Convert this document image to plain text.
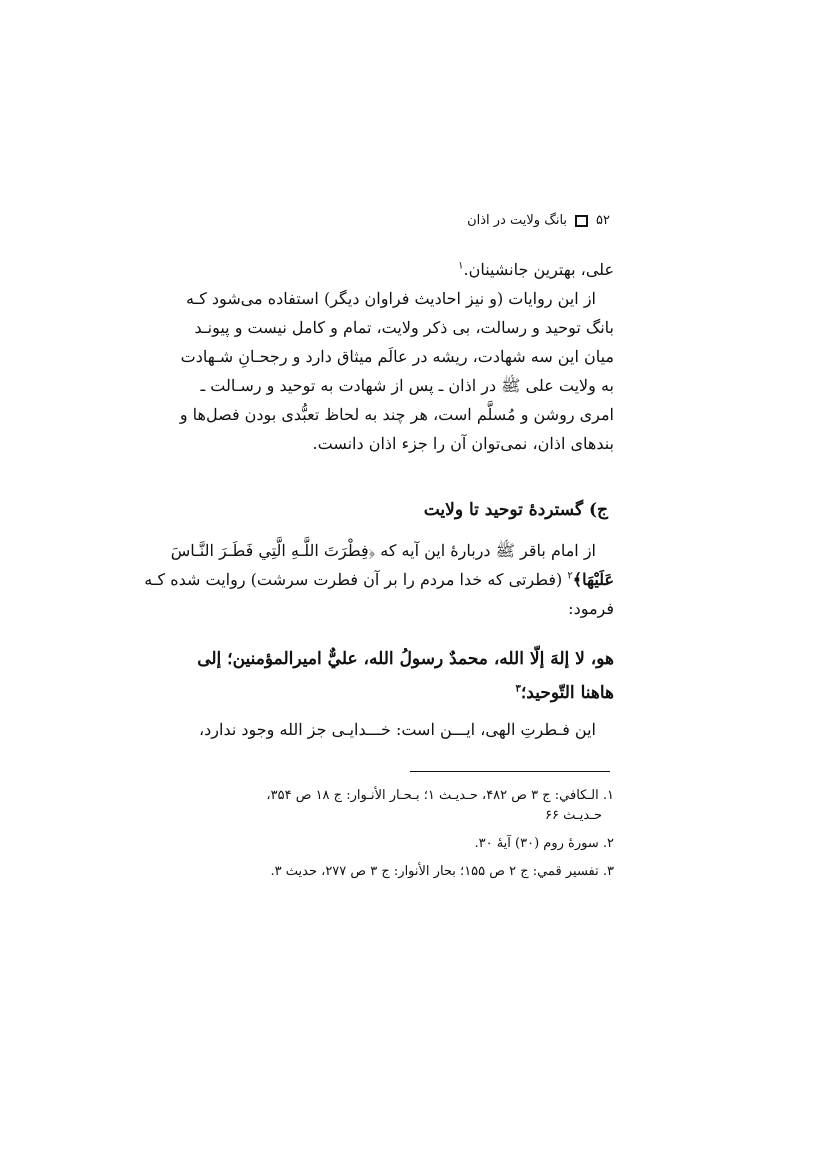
۵۲
بانگ ولایت در اذان
علی، بهترین جانشینان.$^۱$
از این روایات (و نیز احادیث فراوان دیگر) استفاده می‌شود کـه
بانگ توحید و رسالت، بی ذکر ولایت، تمام و کامل نیست و پیونـد
میان این سه شهادت، ریشه در عالَم میثاق دارد و رجحـانِ شـهادت
به ولایت علی ﷺ در اذان ـ پس از شهادت به توحید و رسـالت ـ
امری روشن و مُسلَّم است، هر چند به لحاظ تعبُّدی بودن فصل‌ها و
بندهای اذان، نمی‌توان آن را جزء اذان دانست.
ج) گستردهٔ توحید تا ولایت
از امام باقر ﷺ دربارهٔ این آیه که ﴿فِطْرَتَ اللَّـهِ الَّتِي فَطَـرَ النَّـاسَ
عَلَيْهَا﴾$^۲$ (فطرتی که خدا مردم را بر آن فطرت سرشت) روایت شده کـه
فرمود:
هو، لا إلهَ إلّا الله، محمدٌ رسولُ الله، عليٌّ اميرالمؤمنين؛ إلى
هاهنا التّوحيد؛$^۳$
این فـطرتِ الهی، ایـــن است: خـــدایـی جز الله وجود ندارد،
۱. الـكافي: ج ۳ ص ۴۸۲، حـديـث ۱؛ بـحـار الأنـوار: ج ۱۸ ص ۳۵۴،
حـديـث ۶۶
۲. سورهٔ روم (۳۰) آیهٔ ۳۰.
۳. تفسیر قمي: ج ۲ ص ۱۵۵؛ بحار الأنوار: ج ۳ ص ۲۷۷، حدیث ۳.
